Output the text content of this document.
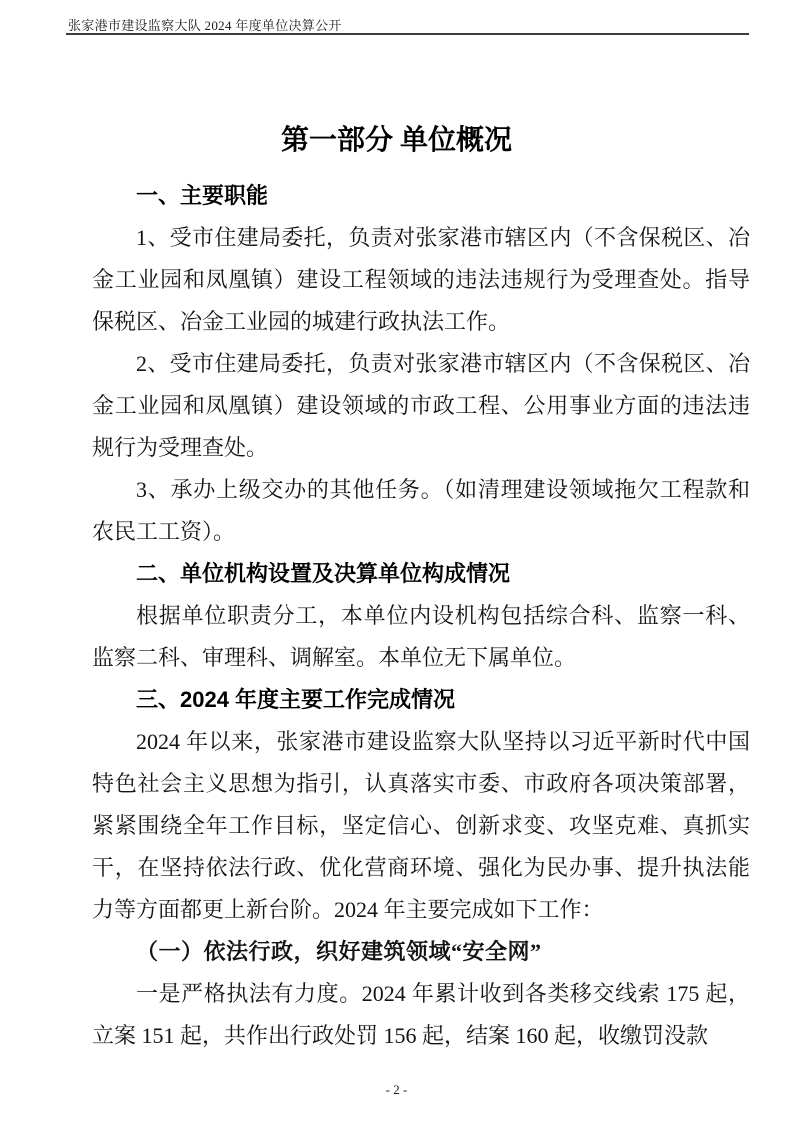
张家港市建设监察大队 2024 年度单位决算公开
第一部分 单位概况
一、主要职能

1、受市住建局委托，负责对张家港市辖区内（不含保税区、冶金工业园和凤凰镇）建设工程领域的违法违规行为受理查处。指导保税区、冶金工业园的城建行政执法工作。

2、受市住建局委托，负责对张家港市辖区内（不含保税区、冶金工业园和凤凰镇）建设领域的市政工程、公用事业方面的违法违规行为受理查处。

3、承办上级交办的其他任务。（如清理建设领域拖欠工程款和农民工工资）。

二、单位机构设置及决算单位构成情况

根据单位职责分工，本单位内设机构包括综合科、监察一科、监察二科、审理科、调解室。本单位无下属单位。

三、2024 年度主要工作完成情况

2024 年以来，张家港市建设监察大队坚持以习近平新时代中国特色社会主义思想为指引，认真落实市委、市政府各项决策部署，紧紧围绕全年工作目标，坚定信心、创新求变、攻坚克难、真抓实干，在坚持依法行政、优化营商环境、强化为民办事、提升执法能力等方面都更上新台阶。2024 年主要完成如下工作：

（一）依法行政，织好建筑领域“安全网”

一是严格执法有力度。2024 年累计收到各类移交线索 175 起，立案 151 起，共作出行政处罚 156 起，结案 160 起，收缴罚没款

- 2 -
